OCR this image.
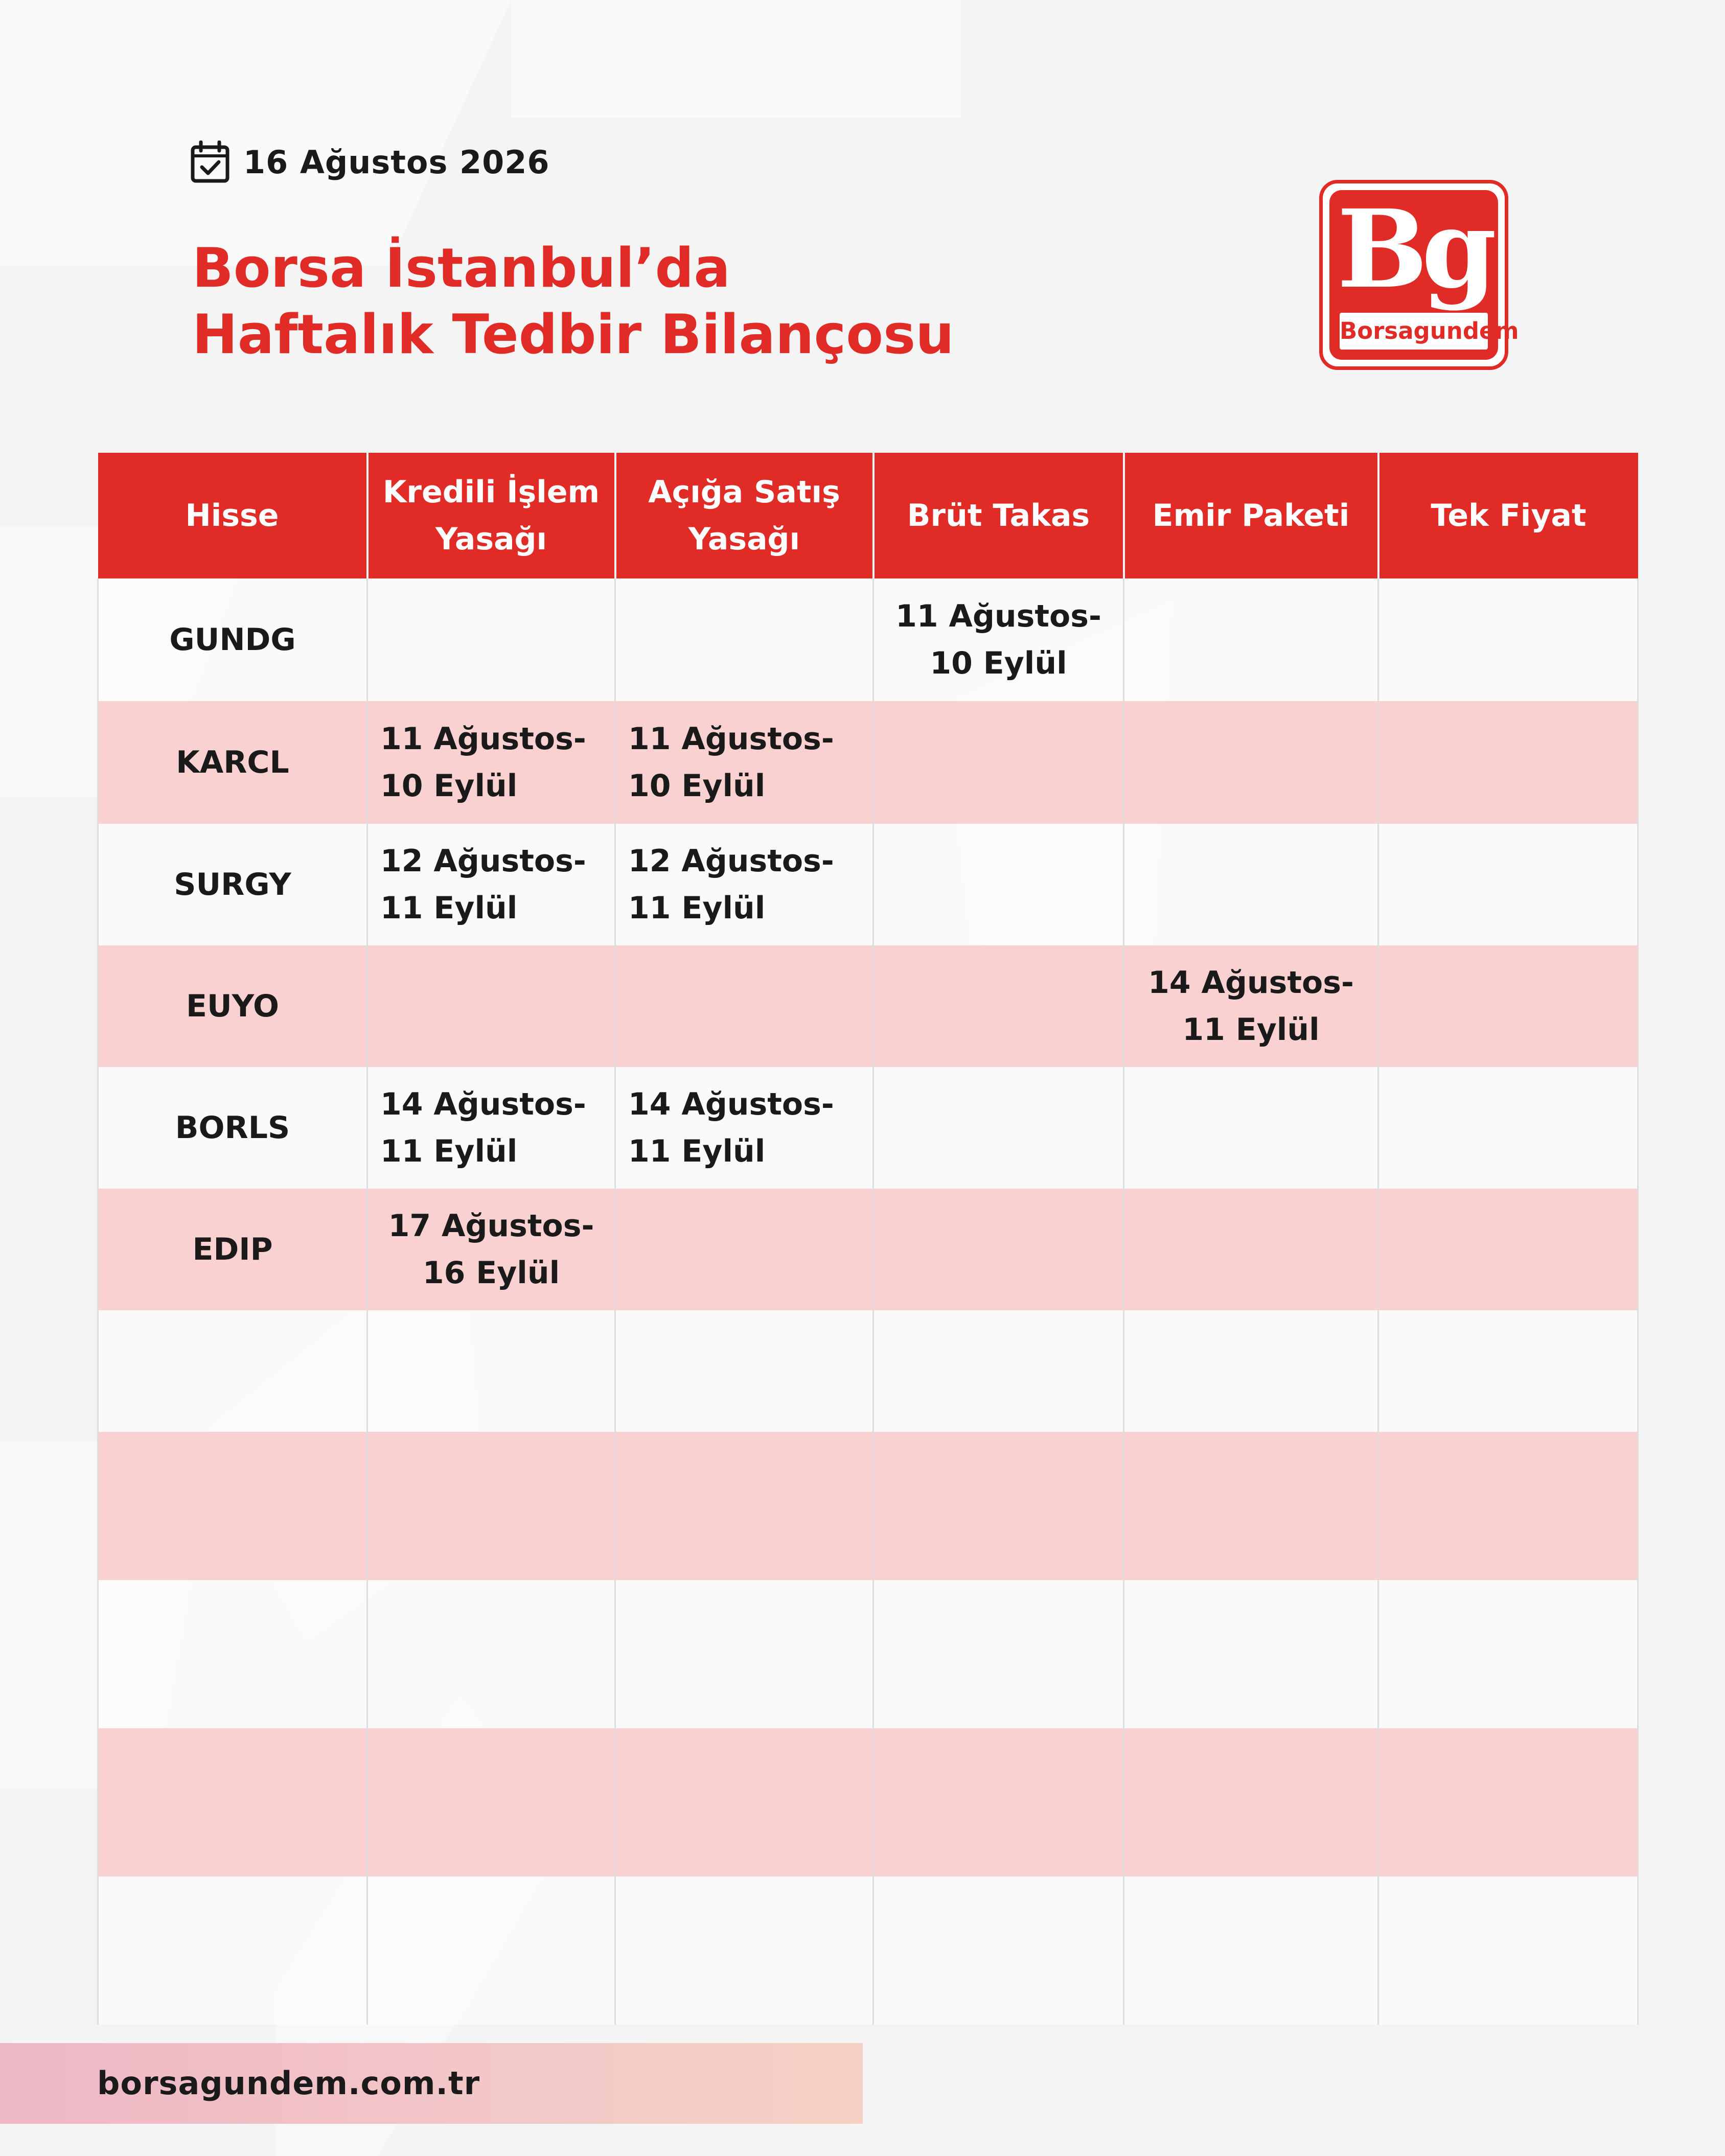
16 Ağustos 2026
Borsa İstanbul’da
Haftalık Tedbir Bilançosu
Bg
Borsagundem
Hisse	Kredili İşlem Yasağı	Açığa Satış Yasağı	Brüt Takas	Emir Paketi	Tek Fiyat
GUNDG			11 Ağustos-10 Eylül		
KARCL	11 Ağustos-10 Eylül	11 Ağustos-10 Eylül			
SURGY	12 Ağustos-11 Eylül	12 Ağustos-11 Eylül			
EUYO				14 Ağustos-11 Eylül	
BORLS	14 Ağustos-11 Eylül	14 Ağustos-11 Eylül			
EDIP	17 Ağustos-16 Eylül				

borsagundem.com.tr
